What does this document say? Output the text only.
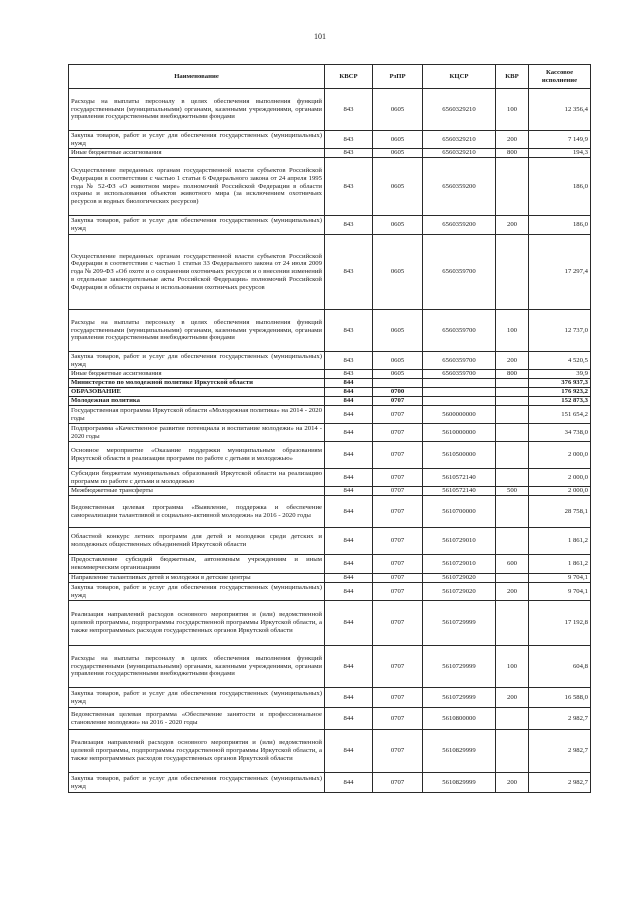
101
Наименование	КВСР	РзПР	КЦСР	КВР	Кассовое исполнение
Расходы на выплаты персоналу в целях обеспечения выполнения функций государственными (муниципальными) органами, казенными учреждениями, органами управления государственными внебюджетными фондами	843	0605	6560329210	100	12 356,4
Закупка товаров, работ и услуг для обеспечения государственных (муниципальных) нужд	843	0605	6560329210	200	7 149,9
Иные бюджетные ассигнования	843	0605	6560329210	800	194,3
Осуществление переданных органам государственной власти субъектов Российской Федерации в соответствии с частью 1 статьи 6 Федерального закона от 24 апреля 1995 года № 52-ФЗ «О животном мире» полномочий Российской Федерации в области охраны и использования объектов животного мира (за исключением охотничьих ресурсов и водных биологических ресурсов)	843	0605	6560359200		186,0
Закупка товаров, работ и услуг для обеспечения государственных (муниципальных) нужд	843	0605	6560359200	200	186,0
Осуществление переданных органам государственной власти субъектов Российской Федерации в соответствии с частью 1 статьи 33 Федерального закона от 24 июля 2009 года № 209-ФЗ «Об охоте и о сохранении охотничьих ресурсов и о внесении изменений в отдельные законодательные акты Российской Федерации» полномочий Российской Федерации в области охраны и использования охотничьих ресурсов	843	0605	6560359700		17 297,4
Расходы на выплаты персоналу в целях обеспечения выполнения функций государственными (муниципальными) органами, казенными учреждениями, органами управления государственными внебюджетными фондами	843	0605	6560359700	100	12 737,0
Закупка товаров, работ и услуг для обеспечения государственных (муниципальных) нужд	843	0605	6560359700	200	4 520,5
Иные бюджетные ассигнования	843	0605	6560359700	800	39,9
Министерство по молодежной политике Иркутской области	844				376 937,3
ОБРАЗОВАНИЕ	844	0700			176 923,2
Молодежная политика	844	0707			152 873,3
Государственная программа Иркутской области «Молодежная политика» на 2014 - 2020 годы	844	0707	5600000000		151 654,2
Подпрограмма «Качественное развитие потенциала и воспитание молодежи» на 2014 - 2020 годы	844	0707	5610000000		34 738,0
Основное мероприятие «Оказание поддержки муниципальным образованиям Иркутской области в реализации программ по работе с детьми и молодежью»	844	0707	5610500000		2 000,0
Субсидии бюджетам муниципальных образований Иркутской области на реализацию программ по работе с детьми и молодежью	844	0707	5610572140		2 000,0
Межбюджетные трансферты	844	0707	5610572140	500	2 000,0
Ведомственная целевая программа «Выявление, поддержка и обеспечение самореализации талантливой и социально-активной молодежи» на 2016 - 2020 годы	844	0707	5610700000		28 758,1
Областной конкурс летних программ для детей и молодежи среди детских и молодежных общественных объединений Иркутской области	844	0707	5610729010		1 861,2
Предоставление субсидий бюджетным, автономным учреждениям и иным некоммерческим организациям	844	0707	5610729010	600	1 861,2
Направление талантливых детей и молодежи в детские центры	844	0707	5610729020		9 704,1
Закупка товаров, работ и услуг для обеспечения государственных (муниципальных) нужд	844	0707	5610729020	200	9 704,1
Реализация направлений расходов основного мероприятия и (или) ведомственной целевой программы, подпрограммы государственной программы Иркутской области, а также непрограммных расходов государственных органов Иркутской области	844	0707	5610729999		17 192,8
Расходы на выплаты персоналу в целях обеспечения выполнения функций государственными (муниципальными) органами, казенными учреждениями, органами управления государственными внебюджетными фондами	844	0707	5610729999	100	604,8
Закупка товаров, работ и услуг для обеспечения государственных (муниципальных) нужд	844	0707	5610729999	200	16 588,0
Ведомственная целевая программа «Обеспечение занятости и профессиональное становление молодежи» на 2016 - 2020 годы	844	0707	5610800000		2 982,7
Реализация направлений расходов основного мероприятия и (или) ведомственной целевой программы, подпрограммы государственной программы Иркутской области, а также непрограммных расходов государственных органов Иркутской области	844	0707	5610829999		2 982,7
Закупка товаров, работ и услуг для обеспечения государственных (муниципальных) нужд	844	0707	5610829999	200	2 982,7
